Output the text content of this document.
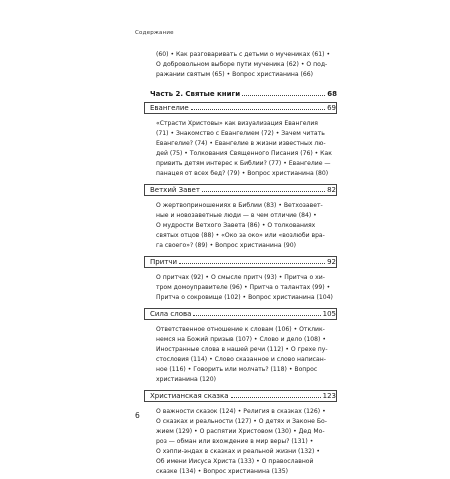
Содержание

(60) • Как разговаривать с детьми о мучениках (61) •

О добровольном выборе пути мученика (62) • О под-

ражании святым (65) • Вопрос христианина (66)

Часть 2. Святые книги	68
Евангелие	69

«Страсти Христовы» как визуализация Евангелия

(71) • Знакомство с Евангелием (72) • Зачем читать

Евангелие? (74) • Евангелие в жизни известных лю-

дей (75) • Толкования Священного Писания (76) • Как

привить детям интерес к Библии? (77) • Евангелие —

панацея от всех бед? (79) • Вопрос христианина (80)

Ветхий Завет	82

О жертвоприношениях в Библии (83) • Ветхозавет-

ные и новозаветные люди — в чем отличие (84) •

О мудрости Ветхого Завета (86) • О толкованиях

святых отцов (88) • «Око за око» или «возлюби вра-

га своего»? (89) • Вопрос христианина (90)

Притчи	92

О притчах (92) • О смысле притч (93) • Притча о хи-

тром домоуправителе (96) • Притча о талантах (99) •

Притча о сокровище (102) • Вопрос христианина (104)

Сила слова	105

Ответственное отношение к словам (106) • Отклик-

немся на Божий призыв (107) • Слово и дело (108) •

Иностранные слова в нашей речи (112) • О грехе пу-

стословия (114) • Слово сказанное и слово написан-

ное (116) • Говорить или молчать? (118) • Вопрос

христианина (120)

Христианская сказка	123

О важности сказок (124) • Религия в сказках (126) •

О сказках и реальности (127) • О детях и Законе Бо-

жием (129) • О распятии Христовом (130) • Дед Мо-

роз — обман или вхождение в мир веры? (131) •

О хэппи-эндах в сказках и реальной жизни (132) •

Об имени Иисуса Христа (133) • О православной

сказке (134) • Вопрос христианина (135)

6
